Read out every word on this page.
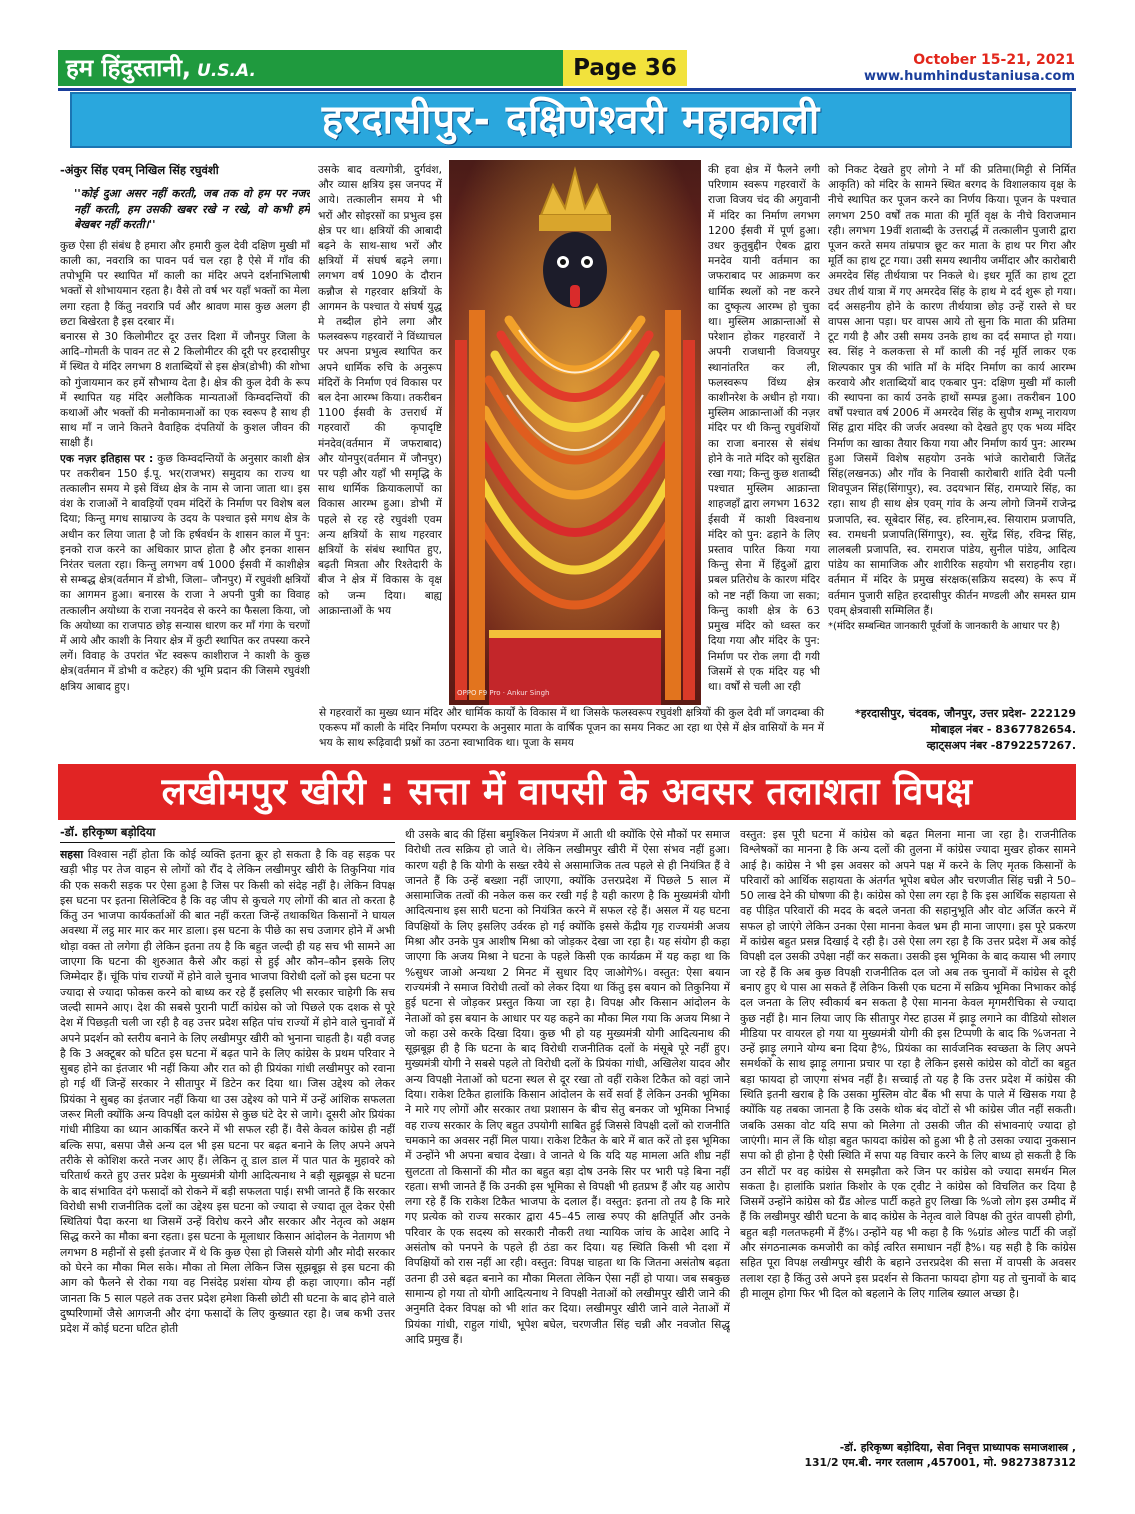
हम हिंदुस्तानी, U.S.A.	Page 36	October 15-21, 2021
www.humhindustaniusa.com
हरदासीपुर- दक्षिणेश्वरी महाकाली
-अंकुर सिंह एवम् निखिल सिंह रघुवंशी
''कोई दुआ असर नहीं करती, जब तक वो हम पर नजर नहीं करती, हम उसकी खबर रखे न रखे, वो कभी हमें बेखबर नहीं करती।''

कुछ ऐसा ही संबंध है हमारा और हमारी कुल देवी दक्षिण मुखी माँ काली का, नवरात्रि का पावन पर्व चल रहा है ऐसे में गाँव की तपोभूमि पर स्थापित माँ काली का मंदिर अपने दर्शनाभिलाषी भक्तों से शोभायमान रहता है। वैसे तो वर्ष भर यहाँ भक्तों का मेला लगा रहता है किंतु नवरात्रि पर्व और श्रावण मास कुछ अलग ही छटा बिखेरता है इस दरबार में।

बनारस से 30 किलोमीटर दूर उत्तर दिशा में जौनपुर जिला के आदि–गोमती के पावन तट से 2 किलोमीटर की दूरी पर हरदासीपुर में स्थित ये मंदिर लगभग 8 शताब्दियों से इस क्षेत्र(डोभी) की शोभा को गुंजायमान कर हमें सौभाग्य देता है। क्षेत्र की कुल देवी के रूप में स्थापित यह मंदिर अलौकिक मान्यताओं किम्वदन्तियों की कथाओं और भक्तों की मनोकामनाओं का एक स्वरूप है साथ ही साथ माँ न जाने कितने वैवाहिक दंपतियों के कुशल जीवन की साक्षी हैं।

एक नज़र इतिहास पर : कुछ किम्वदन्तियों के अनुसार काशी क्षेत्र पर तकरीबन 150 ई.पू. भर(राजभर) समुदाय का राज्य था तत्कालीन समय मे इसे विंध्य क्षेत्र के नाम से जाना जाता था। इस वंश के राजाओं ने बावड़ियों एवम मंदिरों के निर्माण पर विशेष बल दिया; किन्तु मगध साम्राज्य के उदय के पश्चात इसे मगध क्षेत्र के अधीन कर लिया जाता है जो कि हर्षवर्धन के शासन काल में पुन: इनको राज करने का अधिकार प्राप्त होता है और इनका शासन निरंतर चलता रहा। किन्तु लगभग वर्ष 1000 ईसवी में काशीक्षेत्र से सम्बद्ध क्षेत्र(वर्तमान में डोभी, जिला– जौनपुर) में रघुवंशी क्षत्रियों का आगमन हुआ। बनारस के राजा ने अपनी पुत्री का विवाह तत्कालीन अयोध्या के राजा नयनदेव से करने का फैसला किया, जो कि अयोध्या का राजपाठ छोड़ सन्यास धारण कर माँ गंगा के चरणों में आये और काशी के नियार क्षेत्र में कुटी स्थापित कर तपस्या करने लगें। विवाह के उपरांत भेंट स्वरूप काशीराज ने काशी के कुछ क्षेत्र(वर्तमान में डोभी व कटेहर) की भूमि प्रदान की जिसमे रघुवंशी क्षत्रिय आबाद हुए।

उसके बाद वत्यगोत्री, दुर्गवंश, और व्यास क्षत्रिय इस जनपद में आये। तत्कालीन समय मे भी भरों और सोइरसों का प्रभुत्व इस क्षेत्र पर था। क्षत्रियों की आबादी बढ़ने के साथ-साथ भरों और क्षत्रियों में संघर्ष बढ़ने लगा। लगभग वर्ष 1090 के दौरान कन्नौज से गहरवार क्षत्रियों के आगमन के पश्चात ये संघर्ष युद्ध मे तब्दील होने लगा और फलस्वरूप गहरवारों ने विंध्याचल पर अपना प्रभुत्व स्थापित कर अपने धार्मिक रुचि के अनुरूप मंदिरों के निर्माण एवं विकास पर बल देना आरम्भ किया। तकरीबन 1100 ईसवी के उत्तरार्ध में गहरवारों की कृपादृष्टि मंनदेव(वर्तमान में जफराबाद) और योनपुर(वर्तमान में जौनपुर) पर पड़ी और यहाँ भी समृद्धि के साथ धार्मिक क्रियाकलापों का विकास आरम्भ हुआ। डोभी में पहले से रह रहे रघुवंशी एवम अन्य क्षत्रियों के साथ गहरवार क्षत्रियों के संबंध स्थापित हुए, बढ़ती मित्रता और रिश्तेदारी के बीज ने क्षेत्र में विकास के वृक्ष को जन्म दिया। बाह्य आक्रान्ताओं के भय
OPPO F9 Pro · Ankur Singh
से गहरवारों का मुख्य ध्यान मंदिर और धार्मिक कार्यों के विकास में था जिसके फलस्वरूप रघुवंशी क्षत्रियों की कुल देवी माँ जगदम्बा की एकरूप माँ काली के मंदिर निर्माण परम्परा के अनुसार माता के वार्षिक पूजन का समय निकट आ रहा था ऐसे में क्षेत्र वासियों के मन में भय के साथ रूढ़िवादी प्रश्नों का उठना स्वाभाविक था। पूजा के समय
की हवा क्षेत्र में फैलने लगी परिणाम स्वरूप गहरवारों के राजा विजय चंद की अगुवानी में मंदिर का निर्माण लगभग 1200 ईसवी में पूर्ण हुआ। उधर कुतुबुद्दीन ऐबक द्वारा मनदेव यानी वर्तमान का जफराबाद पर आक्रमण कर धार्मिक स्थलों को नष्ट करने का दुष्कृत्य आरम्भ हो चुका था। मुस्लिम आक्रान्ताओं से परेशान होकर गहरवारों ने अपनी राजधानी विजयपुर स्थानांतरित कर ली, फलस्वरूप विंध्य क्षेत्र काशीनरेश के अधीन हो गया। मुस्लिम आक्रान्ताओं की नज़र मंदिर पर थी किन्तु रघुवंशियों का राजा बनारस से संबंध होने के नाते मंदिर को सुरक्षित रखा गया; किन्तु कुछ शताब्दी पश्चात मुस्लिम आक्रान्ता शाहजहाँ द्वारा लगभग 1632 ईसवी में काशी विश्वनाथ मंदिर को पुन: ढहाने के लिए प्रस्ताव पारित किया गया किन्तु सेना में हिंदुओं द्वारा प्रबल प्रतिरोध के कारण मंदिर को नष्ट नहीं किया जा सका; किन्तु काशी क्षेत्र के 63 प्रमुख मंदिर को ध्वस्त कर दिया गया और मंदिर के पुन: निर्माण पर रोक लगा दी गयी जिसमें से एक मंदिर यह भी था। वर्षों से चली आ रही

को निकट देखते हुए लोगो ने माँ की प्रतिमा(मिट्टी से निर्मित आकृति) को मंदिर के सामने स्थित बरगद के विशालकाय वृक्ष के नीचे स्थापित कर पूजन करने का निर्णय किया। पूजन के पश्चात लगभग 250 वर्षों तक माता की मूर्ति वृक्ष के नीचे विराजमान रही। लगभग 19वीं शताब्दी के उत्तरार्द्ध में तत्कालीन पुजारी द्वारा पूजन करते समय तांम्रपात्र छूट कर माता के हाथ पर गिरा और मूर्ति का हाथ टूट गया। उसी समय स्थानीय जमींदार और कारोबारी अमरदेव सिंह तीर्थयात्रा पर निकले थे। इधर मूर्ति का हाथ टूटा उधर तीर्थ यात्रा में गए अमरदेव सिंह के हाथ मे दर्द शुरू हो गया। दर्द असहनीय होने के कारण तीर्थयात्रा छोड़ उन्हें रास्ते से घर वापस आना पड़ा। घर वापस आये तो सुना कि माता की प्रतिमा टूट गयी है और उसी समय उनके हाथ का दर्द समाप्त हो गया। स्व. सिंह ने कलकत्ता से माँ काली की नई मूर्ति लाकर एक शिल्पकार पुत्र की भांति माँ के मंदिर निर्माण का कार्य आरम्भ करवाये और शताब्दियों बाद एकबार पुन: दक्षिण मुखी माँ काली की स्थापना का कार्य उनके हाथों सम्पन्न हुआ। तकरीबन 100 वर्षों पश्चात वर्ष 2006 में अमरदेव सिंह के सुपौत्र शम्भू नारायण सिंह द्वारा मंदिर की जर्जर अवस्था को देखते हुए एक भव्य मंदिर निर्माण का खाका तैयार किया गया और निर्माण कार्य पुन: आरम्भ हुआ जिसमें विशेष सहयोग उनके भांजे कारोबारी जितेंद्र सिंह(लखनऊ) और गाँव के निवासी कारोबारी शांति देवी पत्नी शिवपूजन सिंह(सिंगापुर), स्व. उदयभान सिंह, रामप्यारे सिंह, का रहा। साथ ही साथ क्षेत्र एवम् गांव के अन्य लोगो जिनमें राजेन्द्र प्रजापति, स्व. सूबेदार सिंह, स्व. हरिनाम,स्व. सियाराम प्रजापति, स्व. रामधनी प्रजापति(सिंगापुर), स्व. सुरेंद्र सिंह, रविन्द्र सिंह, लालबली प्रजापति, स्व. रामराज पांडेय, सुनील पांडेय, आदित्य पांडेय का सामाजिक और शारीरिक सहयोग भी सराहनीय रहा। वर्तमान में मंदिर के प्रमुख संरक्षक(सक्रिय सदस्य) के रूप में वर्तमान पुजारी सहित हरदासीपुर कीर्तन मण्डली और समस्त ग्राम एवम् क्षेत्रवासी सम्मिलित हैं।

*(मंदिर सम्बन्धित जानकारी पूर्वजों के जानकारी के आधार पर है)

*हरदासीपुर, चंदवक, जौनपुर, उत्तर प्रदेश- 222129
मोबाइल नंबर - 8367782654.
व्हाट्सअप नंबर -8792257267.
लखीमपुर खीरी : सत्ता में वापसी के अवसर तलाशता विपक्ष
-डॉ. हरिकृष्ण बड़ोदिया
सहसा विश्वास नहीं होता कि कोई व्यक्ति इतना क्रूर हो सकता है कि वह सड़क पर खड़ी भीड़ पर तेज वाहन से लोगों को रौंद दे लेकिन लखीमपुर खीरी के तिकुनिया गांव की एक सकरी सड़क पर ऐसा हुआ है जिस पर किसी को संदेह नहीं है। लेकिन विपक्ष इस घटना पर इतना सिलेक्टिव है कि वह जीप से कुचले गए लोगों की बात तो करता है किंतु उन भाजपा कार्यकर्ताओं की बात नहीं करता जिन्हें तथाकथित किसानों ने घायल अवस्था में लट्ठ मार मार कर मार डाला। इस घटना के पीछे का सच उजागर होने में अभी थोड़ा वक्त तो लगेगा ही लेकिन इतना तय है कि बहुत जल्दी ही यह सच भी सामने आ जाएगा कि घटना की शुरुआत कैसे और कहां से हुई और कौन–कौन इसके लिए जिम्मेदार हैं। चूंकि पांच राज्यों में होने वाले चुनाव भाजपा विरोधी दलों को इस घटना पर ज्यादा से ज्यादा फोकस करने को बाध्य कर रहे हैं इसलिए भी सरकार चाहेगी कि सच जल्दी सामने आए। देश की सबसे पुरानी पार्टी कांग्रेस को जो पिछले एक दशक से पूरे देश में पिछड़ती चली जा रही है वह उत्तर प्रदेश सहित पांच राज्यों में होने वाले चुनावों में अपने प्रदर्शन को स्तरीय बनाने के लिए लखीमपुर खीरी को भुनाना चाहती है। यही वजह है कि 3 अक्टूबर को घटित इस घटना में बढ़त पाने के लिए कांग्रेस के प्रथम परिवार ने सुबह होने का इंतजार भी नहीं किया और रात को ही प्रियंका गांधी लखीमपुर को रवाना हो गई थीं जिन्हें सरकार ने सीतापुर में डिटेन कर दिया था। जिस उद्देश्य को लेकर प्रियंका ने सुबह का इंतजार नहीं किया था उस उद्देश्य को पाने में उन्हें आंशिक सफलता जरूर मिली क्योंकि अन्य विपक्षी दल कांग्रेस से कुछ घंटे देर से जागे। दूसरी ओर प्रियंका गांधी मीडिया का ध्यान आकर्षित करने में भी सफल रही हैं। वैसे केवल कांग्रेस ही नहीं बल्कि सपा, बसपा जैसे अन्य दल भी इस घटना पर बढ़त बनाने के लिए अपने अपने तरीके से कोशिश करते नजर आए हैं। लेकिन तू डाल डाल में पात पात के मुहावरे को चरितार्थ करते हुए उत्तर प्रदेश के मुख्यमंत्री योगी आदित्यनाथ ने बड़ी सूझबूझ से घटना के बाद संभावित दंगे फसादों को रोकने में बड़ी सफलता पाई। सभी जानते हैं कि सरकार विरोधी सभी राजनीतिक दलों का उद्देश्य इस घटना को ज्यादा से ज्यादा तूल देकर ऐसी स्थितियां पैदा करना था जिसमें उन्हें विरोध करने और सरकार और नेतृत्व को अक्षम सिद्ध करने का मौका बना रहता। इस घटना के मूलाधार किसान आंदोलन के नेतागण भी लगभग 8 महीनों से इसी इंतजार में थे कि कुछ ऐसा हो जिससे योगी और मोदी सरकार को घेरने का मौका मिल सके। मौका तो मिला लेकिन जिस सूझबूझ से इस घटना की आग को फैलने से रोका गया वह निसंदेह प्रशंसा योग्य ही कहा जाएगा। कौन नहीं जानता कि 5 साल पहले तक उत्तर प्रदेश हमेशा किसी छोटी सी घटना के बाद होने वाले दुष्परिणामों जैसे आगजनी और दंगा फसादों के लिए कुख्यात रहा है। जब कभी उत्तर प्रदेश में कोई घटना घटित होती
थी उसके बाद की हिंसा बमुश्किल नियंत्रण में आती थी क्योंकि ऐसे मौकों पर समाज विरोधी तत्व सक्रिय हो जाते थे। लेकिन लखीमपुर खीरी में ऐसा संभव नहीं हुआ। कारण यही है कि योगी के सख्त रवैये से असामाजिक तत्व पहले से ही नियंत्रित हैं वे जानते हैं कि उन्हें बख्शा नहीं जाएगा, क्योंकि उत्तरप्रदेश में पिछले 5 साल में असामाजिक तत्वों की नकेल कस कर रखी गई है यही कारण है कि मुख्यमंत्री योगी आदित्यनाथ इस सारी घटना को नियंत्रित करने में सफल रहे हैं। असल में यह घटना विपक्षियों के लिए इसलिए उर्वरक हो गई क्योंकि इससे केंद्रीय गृह राज्यमंत्री अजय मिश्रा और उनके पुत्र आशीष मिश्रा को जोड़कर देखा जा रहा है। यह संयोग ही कहा जाएगा कि अजय मिश्रा ने घटना के पहले किसी एक कार्यक्रम में यह कहा था कि %सुधर जाओ अन्यथा 2 मिनट में सुधार दिए जाओगे%। वस्तुत: ऐसा बयान राज्यमंत्री ने समाज विरोधी तत्वों को लेकर दिया था किंतु इस बयान को तिकुनिया में हुई घटना से जोड़कर प्रस्तुत किया जा रहा है। विपक्ष और किसान आंदोलन के नेताओं को इस बयान के आधार पर यह कहने का मौका मिल गया कि अजय मिश्रा ने जो कहा उसे करके दिखा दिया। कुछ भी हो यह मुख्यमंत्री योगी आदित्यनाथ की सूझबूझ ही है कि घटना के बाद विरोधी राजनीतिक दलों के मंसूबे पूरे नहीं हुए। मुख्यमंत्री योगी ने सबसे पहले तो विरोधी दलों के प्रियंका गांधी, अखिलेश यादव और अन्य विपक्षी नेताओं को घटना स्थल से दूर रखा तो वहीं राकेश टिकैत को वहां जाने दिया। राकेश टिकैत हालांकि किसान आंदोलन के सर्वे सर्वा हैं लेकिन उनकी भूमिका ने मारे गए लोगों और सरकार तथा प्रशासन के बीच सेतु बनकर जो भूमिका निभाई वह राज्य सरकार के लिए बहुत उपयोगी साबित हुई जिससे विपक्षी दलों को राजनीति चमकाने का अवसर नहीं मिल पाया। राकेश टिकैत के बारे में बात करें तो इस भूमिका में उन्होंने भी अपना बचाव देखा। वे जानते थे कि यदि यह मामला अति शीघ्र नहीं सुलटता तो किसानों की मौत का बहुत बड़ा दोष उनके सिर पर भारी पड़े बिना नहीं रहता। सभी जानते हैं कि उनकी इस भूमिका से विपक्षी भी हतप्रभ हैं और यह आरोप लगा रहे हैं कि राकेश टिकैत भाजपा के दलाल हैं। वस्तुत: इतना तो तय है कि मारे गए प्रत्येक को राज्य सरकार द्वारा 45–45 लाख रुपए की क्षतिपूर्ति और उनके परिवार के एक सदस्य को सरकारी नौकरी तथा न्यायिक जांच के आदेश आदि ने असंतोष को पनपने के पहले ही ठंडा कर दिया। यह स्थिति किसी भी दशा में विपक्षियों को रास नहीं आ रही। वस्तुत: विपक्ष चाहता था कि जितना असंतोष बढ़ता उतना ही उसे बढ़त बनाने का मौका मिलता लेकिन ऐसा नहीं हो पाया। जब सबकुछ सामान्य हो गया तो योगी आदित्यनाथ ने विपक्षी नेताओं को लखीमपुर खीरी जाने की अनुमति देकर विपक्ष को भी शांत कर दिया। लखीमपुर खीरी जाने वाले नेताओं में प्रियंका गांधी, राहुल गांधी, भूपेश बघेल, चरणजीत सिंह चन्नी और नवजोत सिद्धू आदि प्रमुख हैं।
वस्तुत: इस पूरी घटना में कांग्रेस को बढ़त मिलना माना जा रहा है। राजनीतिक विश्लेषकों का मानना है कि अन्य दलों की तुलना में कांग्रेस ज्यादा मुखर होकर सामने आई है। कांग्रेस ने भी इस अवसर को अपने पक्ष में करने के लिए मृतक किसानों के परिवारों को आर्थिक सहायता के अंतर्गत भूपेश बघेल और चरणजीत सिंह चन्नी ने 50–50 लाख देने की घोषणा की है। कांग्रेस को ऐसा लग रहा है कि इस आर्थिक सहायता से वह पीड़ित परिवारों की मदद के बदले जनता की सहानुभूति और वोट अर्जित करने में सफल हो जाएंगे लेकिन उनका ऐसा मानना केवल भ्रम ही माना जाएगा। इस पूरे प्रकरण में कांग्रेस बहुत प्रसन्न दिखाई दे रही है। उसे ऐसा लग रहा है कि उत्तर प्रदेश में अब कोई विपक्षी दल उसकी उपेक्षा नहीं कर सकता। उसकी इस भूमिका के बाद कयास भी लगाए जा रहे हैं कि अब कुछ विपक्षी राजनीतिक दल जो अब तक चुनावों में कांग्रेस से दूरी बनाए हुए थे पास आ सकते हैं लेकिन किसी एक घटना में सक्रिय भूमिका निभाकर कोई दल जनता के लिए स्वीकार्य बन सकता है ऐसा मानना केवल मृगमरीचिका से ज्यादा कुछ नहीं है। मान लिया जाए कि सीतापुर गेस्ट हाउस में झाड़ू लगाने का वीडियो सोशल मीडिया पर वायरल हो गया या मुख्यमंत्री योगी की इस टिप्पणी के बाद कि %जनता ने उन्हें झाड़ू लगाने योग्य बना दिया है%, प्रियंका का सार्वजनिक स्वच्छता के लिए अपने समर्थकों के साथ झाड़ू लगाना प्रचार पा रहा है लेकिन इससे कांग्रेस को वोटों का बहुत बड़ा फायदा हो जाएगा संभव नहीं है। सच्चाई तो यह है कि उत्तर प्रदेश में कांग्रेस की स्थिति इतनी खराब है कि उसका मुस्लिम वोट बैंक भी सपा के पाले में खिसक गया है क्योंकि यह तबका जानता है कि उसके थोक बंद वोटों से भी कांग्रेस जीत नहीं सकती। जबकि उसका वोट यदि सपा को मिलेगा तो उसकी जीत की संभावनाएं ज्यादा हो जाएंगी। मान लें कि थोड़ा बहुत फायदा कांग्रेस को हुआ भी है तो उसका ज्यादा नुकसान सपा को ही होना है ऐसी स्थिति में सपा यह विचार करने के लिए बाध्य हो सकती है कि उन सीटों पर वह कांग्रेस से समझौता करे जिन पर कांग्रेस को ज्यादा समर्थन मिल सकता है। हालांकि प्रशांत किशोर के एक ट्वीट ने कांग्रेस को विचलित कर दिया है जिसमें उन्होंने कांग्रेस को ग्रैंड ओल्ड पार्टी कहते हुए लिखा कि %जो लोग इस उम्मीद में हैं कि लखीमपुर खीरी घटना के बाद कांग्रेस के नेतृत्व वाले विपक्ष की तुरंत वापसी होगी, बहुत बड़ी गलतफहमी में हैं%। उन्होंने यह भी कहा है कि %ग्रांड ओल्ड पार्टी की जड़ों और संगठनात्मक कमजोरी का कोई त्वरित समाधान नहीं है%। यह सही है कि कांग्रेस सहित पूरा विपक्ष लखीमपुर खीरी के बहाने उत्तरप्रदेश की सत्ता में वापसी के अवसर तलाश रहा है किंतु उसे अपने इस प्रदर्शन से कितना फायदा होगा यह तो चुनावों के बाद ही मालूम होगा फिर भी दिल को बहलाने के लिए गालिब ख्याल अच्छा है।
-डॉ. हरिकृष्ण बड़ोदिया, सेवा निवृत्त प्राध्यापक समाजशास्त्र ,
131/2 एम.बी. नगर रतलाम ,457001, मो. 9827387312
